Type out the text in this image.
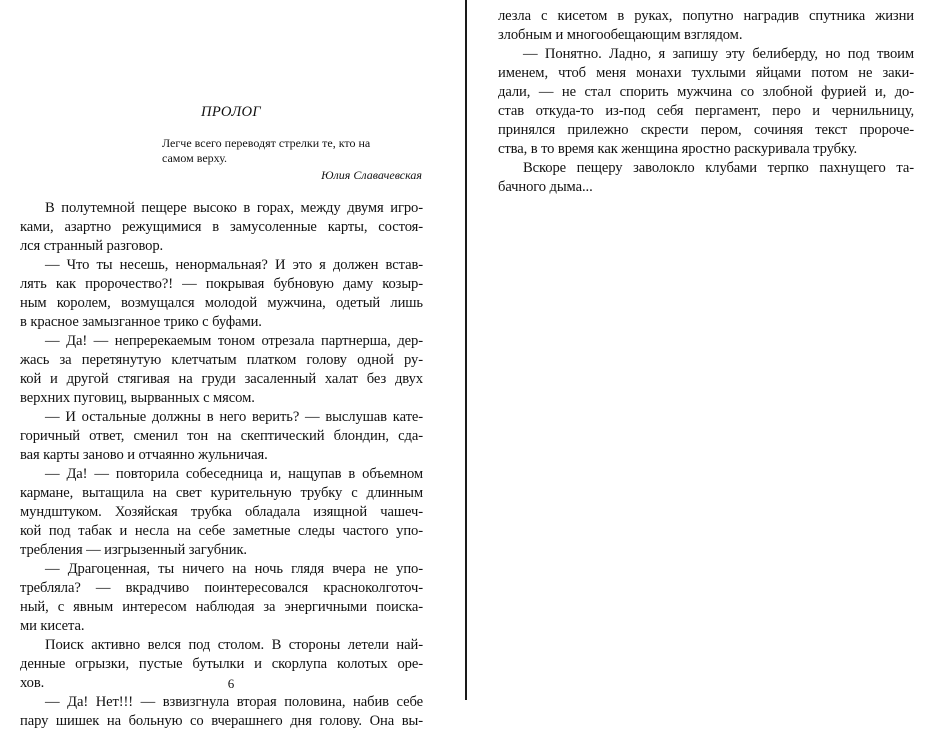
ПРОЛОГ
Легче всего переводят стрелки те, кто на
самом верху.
Юлия Славачевская
В полутемной пещере высоко в горах, между двумя игро-
ками, азартно режущимися в замусоленные карты, состоя-
лся странный разговор.
— Что ты несешь, ненормальная? И это я должен встав-
лять как пророчество?! — покрывая бубновую даму козыр-
ным королем, возмущался молодой мужчина, одетый лишь
в красное замызганное трико с буфами.
— Да! — непререкаемым тоном отрезала партнерша, дер-
жась за перетянутую клетчатым платком голову одной ру-
кой и другой стягивая на груди засаленный халат без двух
верхних пуговиц, вырванных с мясом.
— И остальные должны в него верить? — выслушав кате-
горичный ответ, сменил тон на скептический блондин, сда-
вая карты заново и отчаянно жульничая.
— Да! — повторила собеседница и, нащупав в объемном
кармане, вытащила на свет курительную трубку с длинным
мундштуком. Хозяйская трубка обладала изящной чашеч-
кой под табак и несла на себе заметные следы частого упо-
требления — изгрызенный загубник.
— Драгоценная, ты ничего на ночь глядя вчера не упо-
требляла? — вкрадчиво поинтересовался красноколготоч-
ный, с явным интересом наблюдая за энергичными поиска-
ми кисета.
Поиск активно велся под столом. В стороны летели най-
денные огрызки, пустые бутылки и скорлупа колотых оре-
хов.
— Да! Нет!!! — взвизгнула вторая половина, набив себе
пару шишек на больную со вчерашнего дня голову. Она вы-
6
лезла с кисетом в руках, попутно наградив спутника жизни
злобным и многообещающим взглядом.
— Понятно. Ладно, я запишу эту белиберду, но под твоим
именем, чтоб меня монахи тухлыми яйцами потом не заки-
дали, — не стал спорить мужчина со злобной фурией и, до-
став откуда-то из-под себя пергамент, перо и чернильницу,
принялся прилежно скрести пером, сочиняя текст пророче-
ства, в то время как женщина яростно раскуривала трубку.
Вскоре пещеру заволокло клубами терпко пахнущего та-
бачного дыма...
